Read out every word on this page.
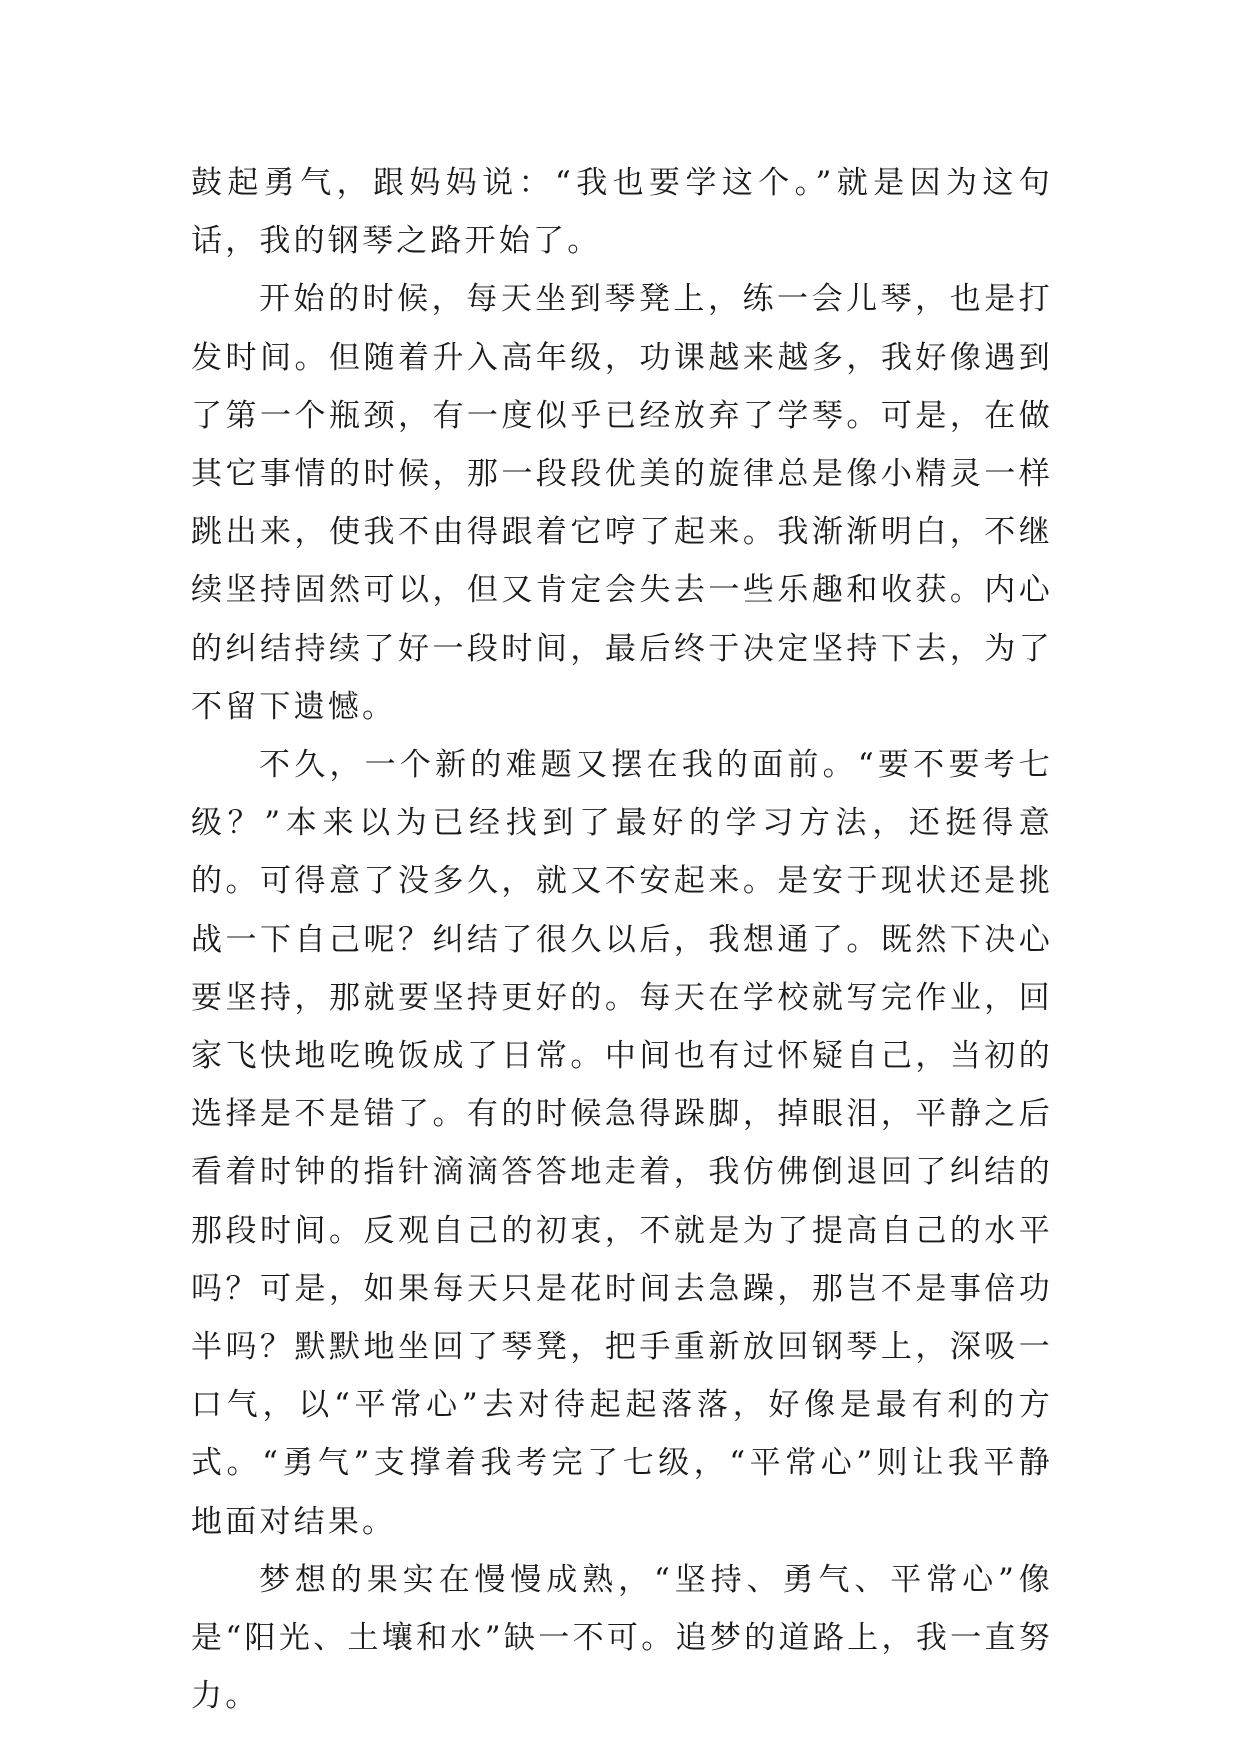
鼓起勇气，跟妈妈说：“我也要学这个。”就是因为这句话，我的钢琴之路开始了。

开始的时候，每天坐到琴凳上，练一会儿琴，也是打发时间。但随着升入高年级，功课越来越多，我好像遇到了第一个瓶颈，有一度似乎已经放弃了学琴。可是，在做其它事情的时候，那一段段优美的旋律总是像小精灵一样跳出来，使我不由得跟着它哼了起来。我渐渐明白，不继续坚持固然可以，但又肯定会失去一些乐趣和收获。内心的纠结持续了好一段时间，最后终于决定坚持下去，为了不留下遗憾。

不久，一个新的难题又摆在我的面前。“要不要考七级？”本来以为已经找到了最好的学习方法，还挺得意的。可得意了没多久，就又不安起来。是安于现状还是挑战一下自己呢？纠结了很久以后，我想通了。既然下决心要坚持，那就要坚持更好的。每天在学校就写完作业，回家飞快地吃晚饭成了日常。中间也有过怀疑自己，当初的选择是不是错了。有的时候急得跺脚，掉眼泪，平静之后看着时钟的指针滴滴答答地走着，我仿佛倒退回了纠结的那段时间。反观自己的初衷，不就是为了提高自己的水平吗？可是，如果每天只是花时间去急躁，那岂不是事倍功半吗？默默地坐回了琴凳，把手重新放回钢琴上，深吸一口气，以“平常心”去对待起起落落，好像是最有利的方式。“勇气”支撑着我考完了七级，“平常心”则让我平静地面对结果。

梦想的果实在慢慢成熟，“坚持、勇气、平常心”像是“阳光、土壤和水”缺一不可。追梦的道路上，我一直努力。
